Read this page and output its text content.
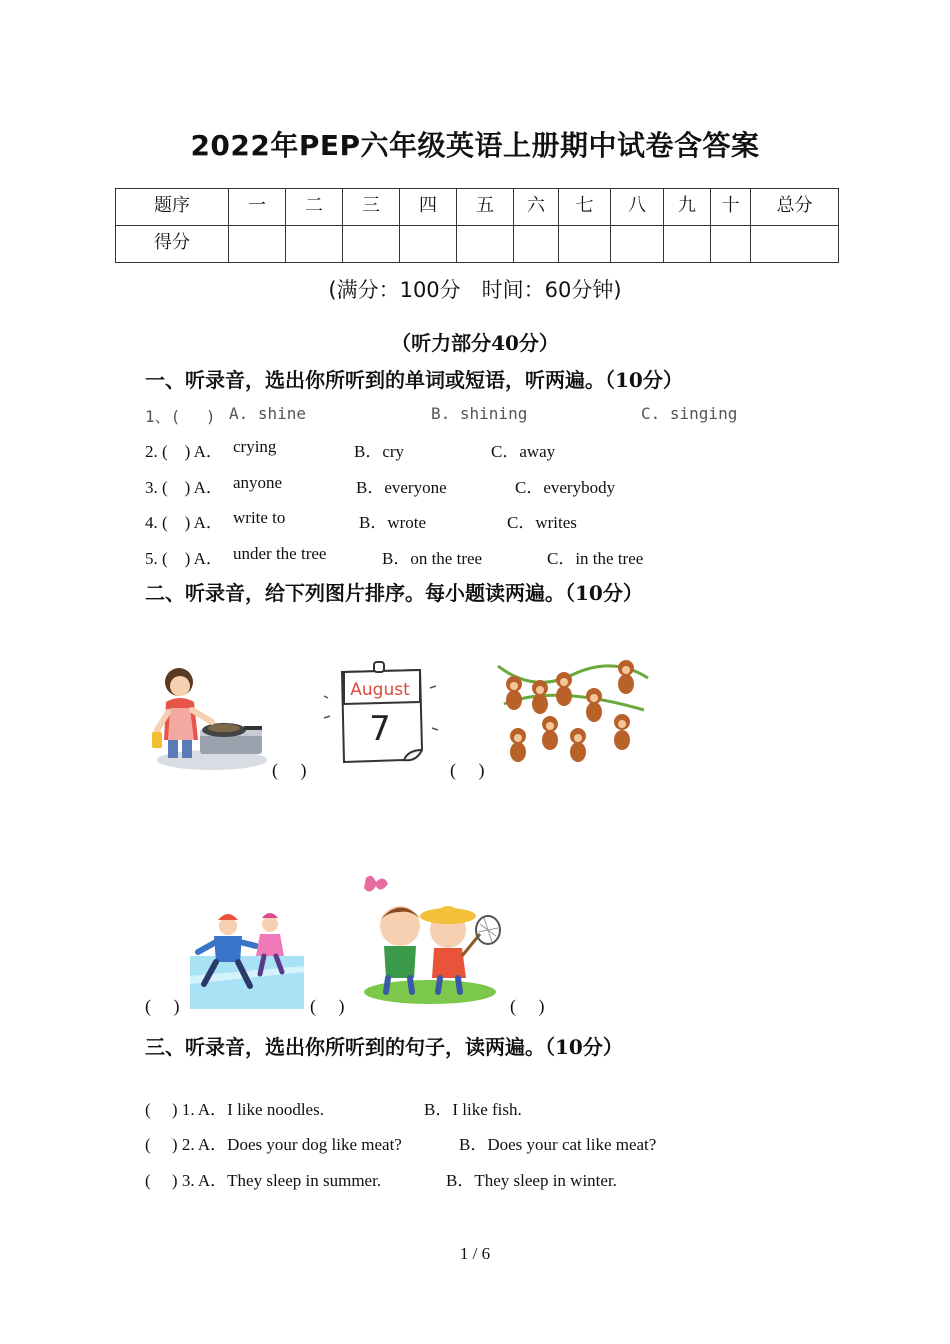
2022年PEP六年级英语上册期中试卷含答案
题序	一	二	三	四	五	六	七	八	九	十	总分

得分											

(满分：100分　时间：60分钟)
（听力部分40分）
一、听录音，选出你所听到的单词或短语，听两遍。（10分）
1、(　 ) A. shine	B. shining	C. singing
2. (　) A． crying	B．cry	C．away
3. (　) A． anyone	B．everyone	C．everybody
4. (　) A． write to	B．wrote	C．writes
5. (　) A． under the tree	B．on the tree	C．in the tree
二、听录音，给下列图片排序。每小题读两遍。（10分）
(　 )
August
7
(　 )
(　 )	(　 )	(　 )
三、听录音，选出你所听到的句子，读两遍。（10分）
(　 ) 1. A．I like noodles.	B．I like fish.
(　 ) 2. A．Does your dog like meat?	B．Does your cat like meat?
(　 ) 3. A．They sleep in summer.	B．They sleep in winter.
1 / 6
